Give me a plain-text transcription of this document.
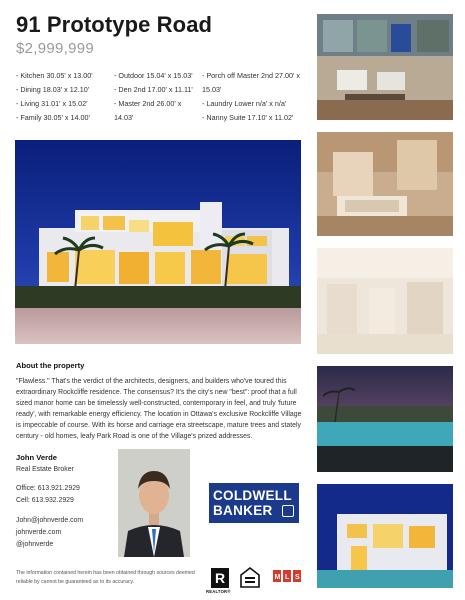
91 Prototype Road
$2,999,999
- Kitchen 30.05' x 13.00'
- Dining 18.03' x 12.10'
- Living 31.01' x 15.02'
- Family 30.05' x 14.00'
- Outdoor 15.04' x 15.03'
- Den 2nd 17.00' x 11.11'
- Master 2nd 26.00' x
14.03'
- Porch off Master 2nd 27.00' x
15.03'
- Laundry Lower n/a' x n/a'
- Nanny Suite 17.10' x 11.02'
About the property
"Flawless." That's the verdict of the architects, designers, and builders who've toured this extraordinary Rockcliffe residence. The consensus? It's the city's new "best": proof that a full sized manor home can be timelessly well-constructed, contemporary in feel, and truly 'future ready', with remarkable energy efficiency. The location in Ottawa's exclusive Rockcliffe Village is impeccable of course. With its horse and carriage era streetscape, mature trees and stately century - old homes, leafy Park Road is one of the Village's prized addresses.
John Verde
Real Estate Broker
Office: 613.921.2929
Cell: 613.932.2929
John@johnverde.com
johnverde.com
@johnverde
COLDWELL
BANKER
The information contained herein has been obtained through sources deemed reliable by cannot be guaranteed as to its accuracy.	R
REALTOR®
M L S
